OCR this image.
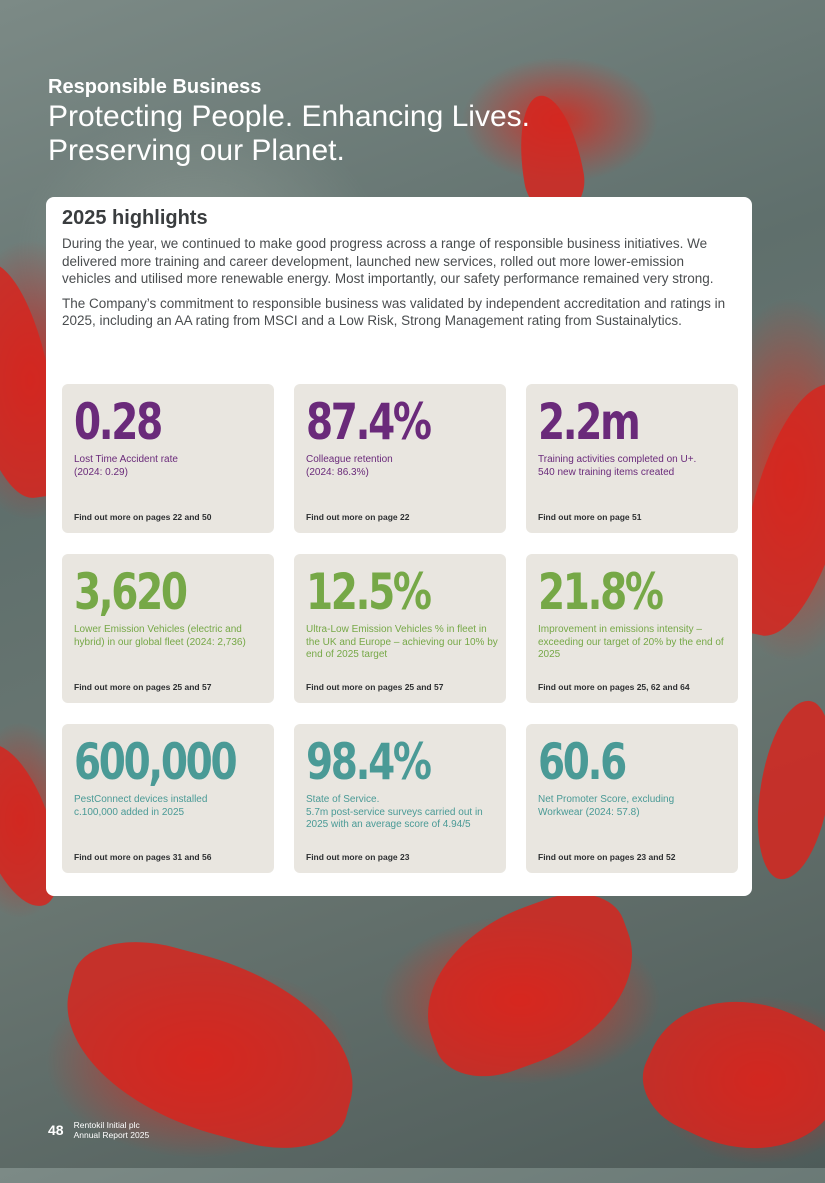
Responsible Business

Protecting People. Enhancing Lives.

Preserving our Planet.

2025 highlights

During the year, we continued to make good progress across a range of responsible business initiatives. We delivered more training and career development, launched new services, rolled out more lower-emission vehicles and utilised more renewable energy. Most importantly, our safety performance remained very strong.

The Company’s commitment to responsible business was validated by independent accreditation and ratings in 2025, including an AA rating from MSCI and a Low Risk, Strong Management rating from Sustainalytics.

0.28
Lost Time Accident rate
(2024: 0.29)
Find out more on pages 22 and 50
87.4%
Colleague retention
(2024: 86.3%)
Find out more on page 22
2.2m
Training activities completed on U+.
540 new training items created
Find out more on page 51
3,620
Lower Emission Vehicles (electric and hybrid) in our global fleet (2024: 2,736)
Find out more on pages 25 and 57
12.5%
Ultra-Low Emission Vehicles % in fleet in the UK and Europe – achieving our 10% by end of 2025 target
Find out more on pages 25 and 57
21.8%
Improvement in emissions intensity – exceeding our target of 20% by the end of 2025
Find out more on pages 25, 62 and 64
600,000
PestConnect devices installed
c.100,000 added in 2025
Find out more on pages 31 and 56
98.4%
State of Service.
5.7m post-service surveys carried out in 2025 with an average score of 4.94/5
Find out more on page 23
60.6
Net Promoter Score, excluding
Workwear (2024: 57.8)
Find out more on pages 23 and 52
48 Rentokil Initial plc
Annual Report 2025
